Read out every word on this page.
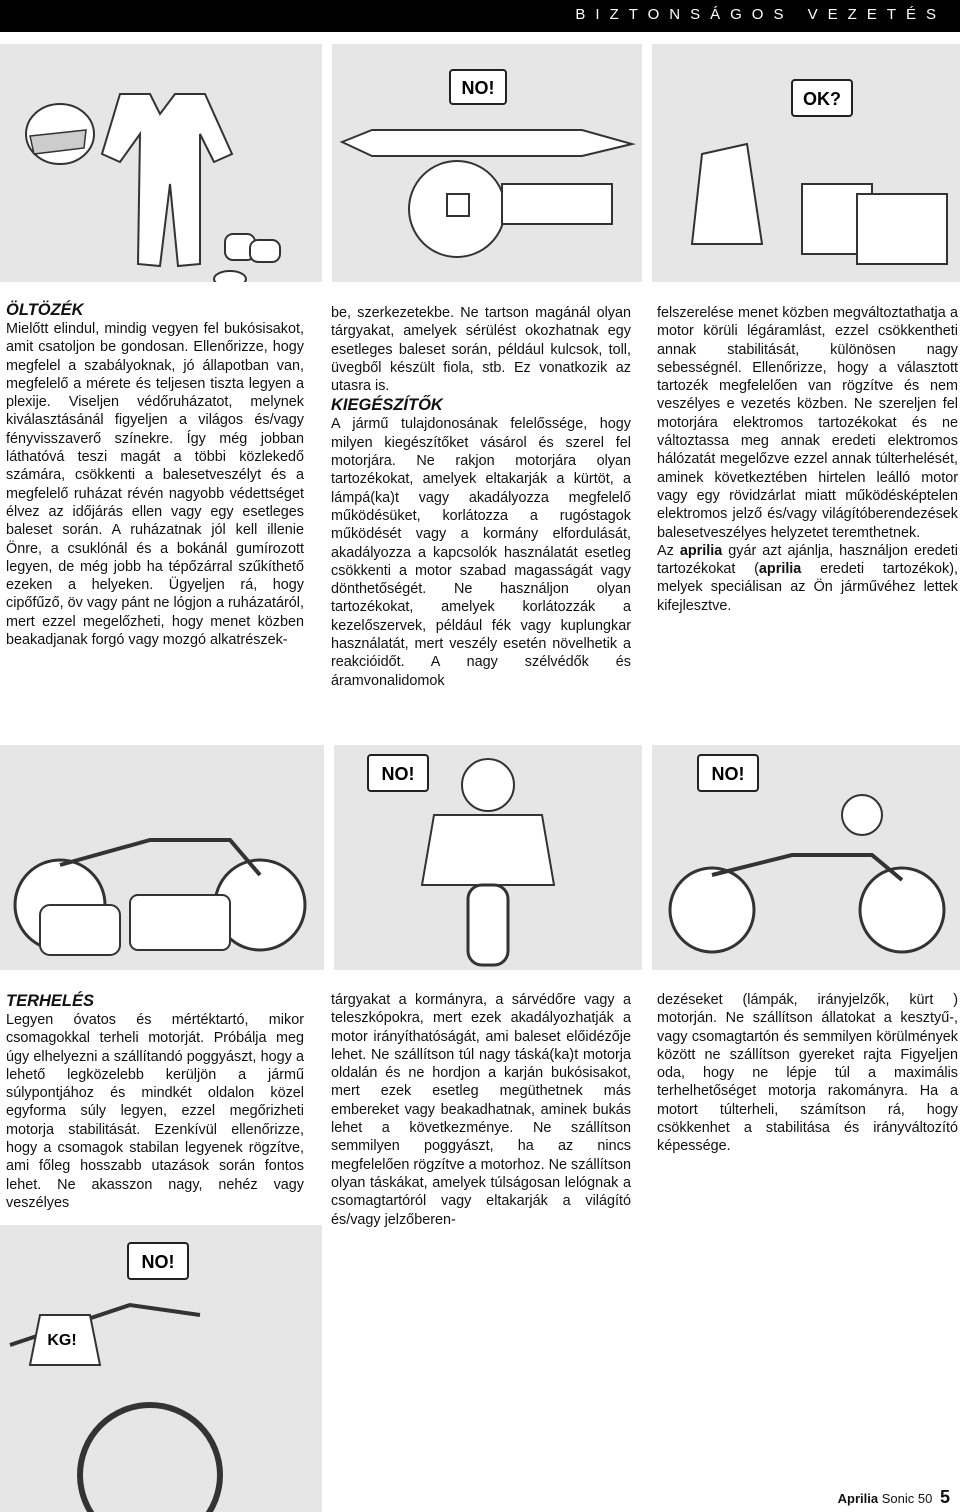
BIZTONSÁGOS VEZETÉS
NO!
OK?

ÖLTÖZÉK

Mielőtt elindul, mindig vegyen fel bukósisakot, amit csatoljon be gondosan. Ellenőrizze, hogy megfelel a szabályoknak, jó állapotban van, megfelelő a mérete és teljesen tiszta legyen a plexije. Viseljen védőruházatot, melynek kiválasztásánál figyeljen a világos és/vagy fényvisszaverő színekre. Így még jobban láthatóvá teszi magát a többi közlekedő számára, csökkenti a balesetveszélyt és a megfelelő ruházat révén nagyobb védettséget élvez az időjárás ellen vagy egy esetleges baleset során. A ruházatnak jól kell illenie Önre, a csuklónál és a bokánál gumírozott legyen, de még jobb ha tépőzárral szűkíthető ezeken a helyeken. Ügyeljen rá, hogy cipőfűző, öv vagy pánt ne lógjon a ruházatáról, mert ezzel megelőzheti, hogy menet közben beakadjanak forgó vagy mozgó alkatrészek-

be, szerkezetekbe. Ne tartson magánál olyan tárgyakat, amelyek sérülést okozhatnak egy esetleges baleset során, például kulcsok, toll, üvegből készült fiola, stb. Ez vonatkozik az utasra is.

KIEGÉSZÍTŐK

A jármű tulajdonosának felelőssége, hogy milyen kiegészítőket vásárol és szerel fel motorjára. Ne rakjon motorjára olyan tartozékokat, amelyek eltakarják a kürtöt, a lámpá(ka)t vagy akadályozza megfelelő működésüket, korlátozza a rugóstagok működését vagy a kormány elfordulását, akadályozza a kapcsolók használatát esetleg csökkenti a motor szabad magasságát vagy dönthetőségét. Ne használjon olyan tartozékokat, amelyek korlátozzák a kezelőszervek, például fék vagy kuplungkar használatát, mert veszély esetén növelhetik a reakcióidőt. A nagy szélvédők és áramvonalidomok

felszerelése menet közben megváltoztathatja a motor körüli légáramlást, ezzel csökkentheti annak stabilitását, különösen nagy sebességnél. Ellenőrizze, hogy a választott tartozék megfelelően van rögzítve és nem veszélyes e vezetés közben. Ne szereljen fel motorjára elektromos tartozékokat és ne változtassa meg annak eredeti elektromos hálózatát megelőzve ezzel annak túlterhelését, aminek következtében hirtelen leálló motor vagy egy rövidzárlat miatt működésképtelen elektromos jelző és/vagy világítóberendezések balesetveszélyes helyzetet teremthetnek.

Az aprilia gyár azt ajánlja, használjon eredeti tartozékokat (aprilia eredeti tartozékok), melyek speciálisan az Ön járművéhez lettek kifejlesztve.

NO!	NO!

TERHELÉS

Legyen óvatos és mértéktartó, mikor csomagokkal terheli motorját. Próbálja meg úgy elhelyezni a szállítandó poggyászt, hogy a lehető legközelebb kerüljön a jármű súlypontjához és mindkét oldalon közel egyforma súly legyen, ezzel megőrizheti motorja stabilitását. Ezenkívül ellenőrizze, hogy a csomagok stabilan legyenek rögzítve, ami főleg hosszabb utazások során fontos lehet. Ne akasszon nagy, nehéz vagy veszélyes

tárgyakat a kormányra, a sárvédőre vagy a teleszkópokra, mert ezek akadályozhatják a motor irányíthatóságát, ami baleset előidézője lehet. Ne szállítson túl nagy táská(ka)t motorja oldalán és ne hordjon a karján bukósisakot, mert ezek esetleg megüthetnek más embereket vagy beakadhatnak, aminek bukás lehet a következménye. Ne szállítson semmilyen poggyászt, ha az nincs megfelelően rögzítve a motorhoz. Ne szállítson olyan táskákat, amelyek túlságosan lelógnak a csomagtartóról vagy eltakarják a világító és/vagy jelzőberen-

dezéseket (lámpák, irányjelzők, kürt ) motorján. Ne szállítson állatokat a kesztyű-, vagy csomagtartón és semmilyen körülmények között ne szállítson gyereket rajta Figyeljen oda, hogy ne lépje túl a maximális terhelhetőséget motorja rakományra. Ha a motort túlterheli, számítson rá, hogy csökkenhet a stabilitása és irányváltozító képessége.

NO!
KG!
Aprilia Sonic 50 5
